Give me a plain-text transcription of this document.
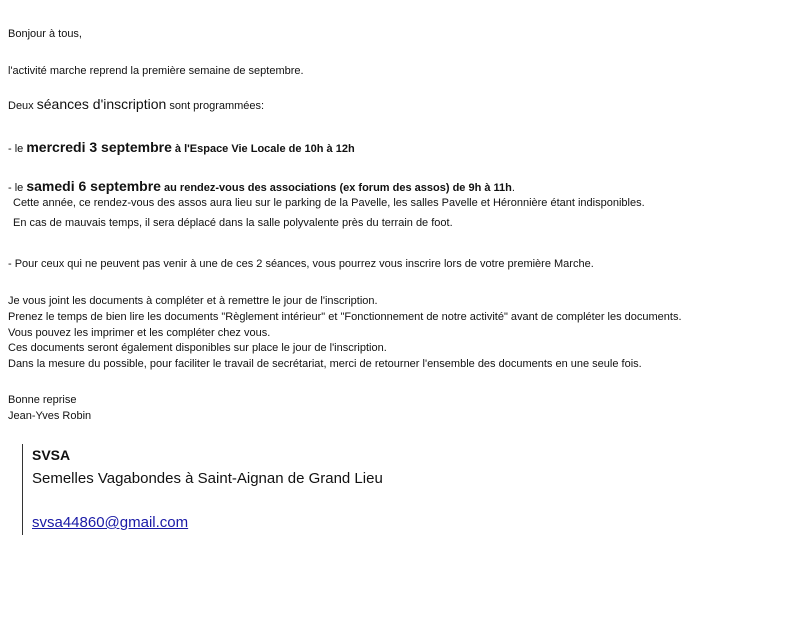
Bonjour à tous,
l'activité marche reprend la première semaine de septembre.
Deux séances d'inscription sont programmées:
- le mercredi 3 septembre à l'Espace Vie Locale de 10h à 12h
- le samedi 6 septembre au rendez-vous des associations (ex forum des assos) de 9h à 11h.
Cette année, ce rendez-vous des assos aura lieu sur le parking de la Pavelle, les salles Pavelle et Héronnière étant indisponibles.
En cas de mauvais temps, il sera déplacé dans la salle polyvalente près du terrain de foot.
- Pour ceux qui ne peuvent pas venir à une de ces 2 séances, vous pourrez vous inscrire lors de votre première Marche.
Je vous joint les documents à compléter et à remettre le jour de l'inscription.
Prenez le temps de bien lire les documents "Règlement intérieur" et "Fonctionnement de notre activité" avant de compléter les documents.
Vous pouvez les imprimer et les compléter chez vous.
Ces documents seront également disponibles sur place le jour de l'inscription.
Dans la mesure du possible, pour faciliter le travail de secrétariat, merci de retourner l'ensemble des documents en une seule fois.
Bonne reprise
Jean-Yves Robin
SVSA
Semelles Vagabondes à Saint-Aignan de Grand Lieu
svsa44860@gmail.com
